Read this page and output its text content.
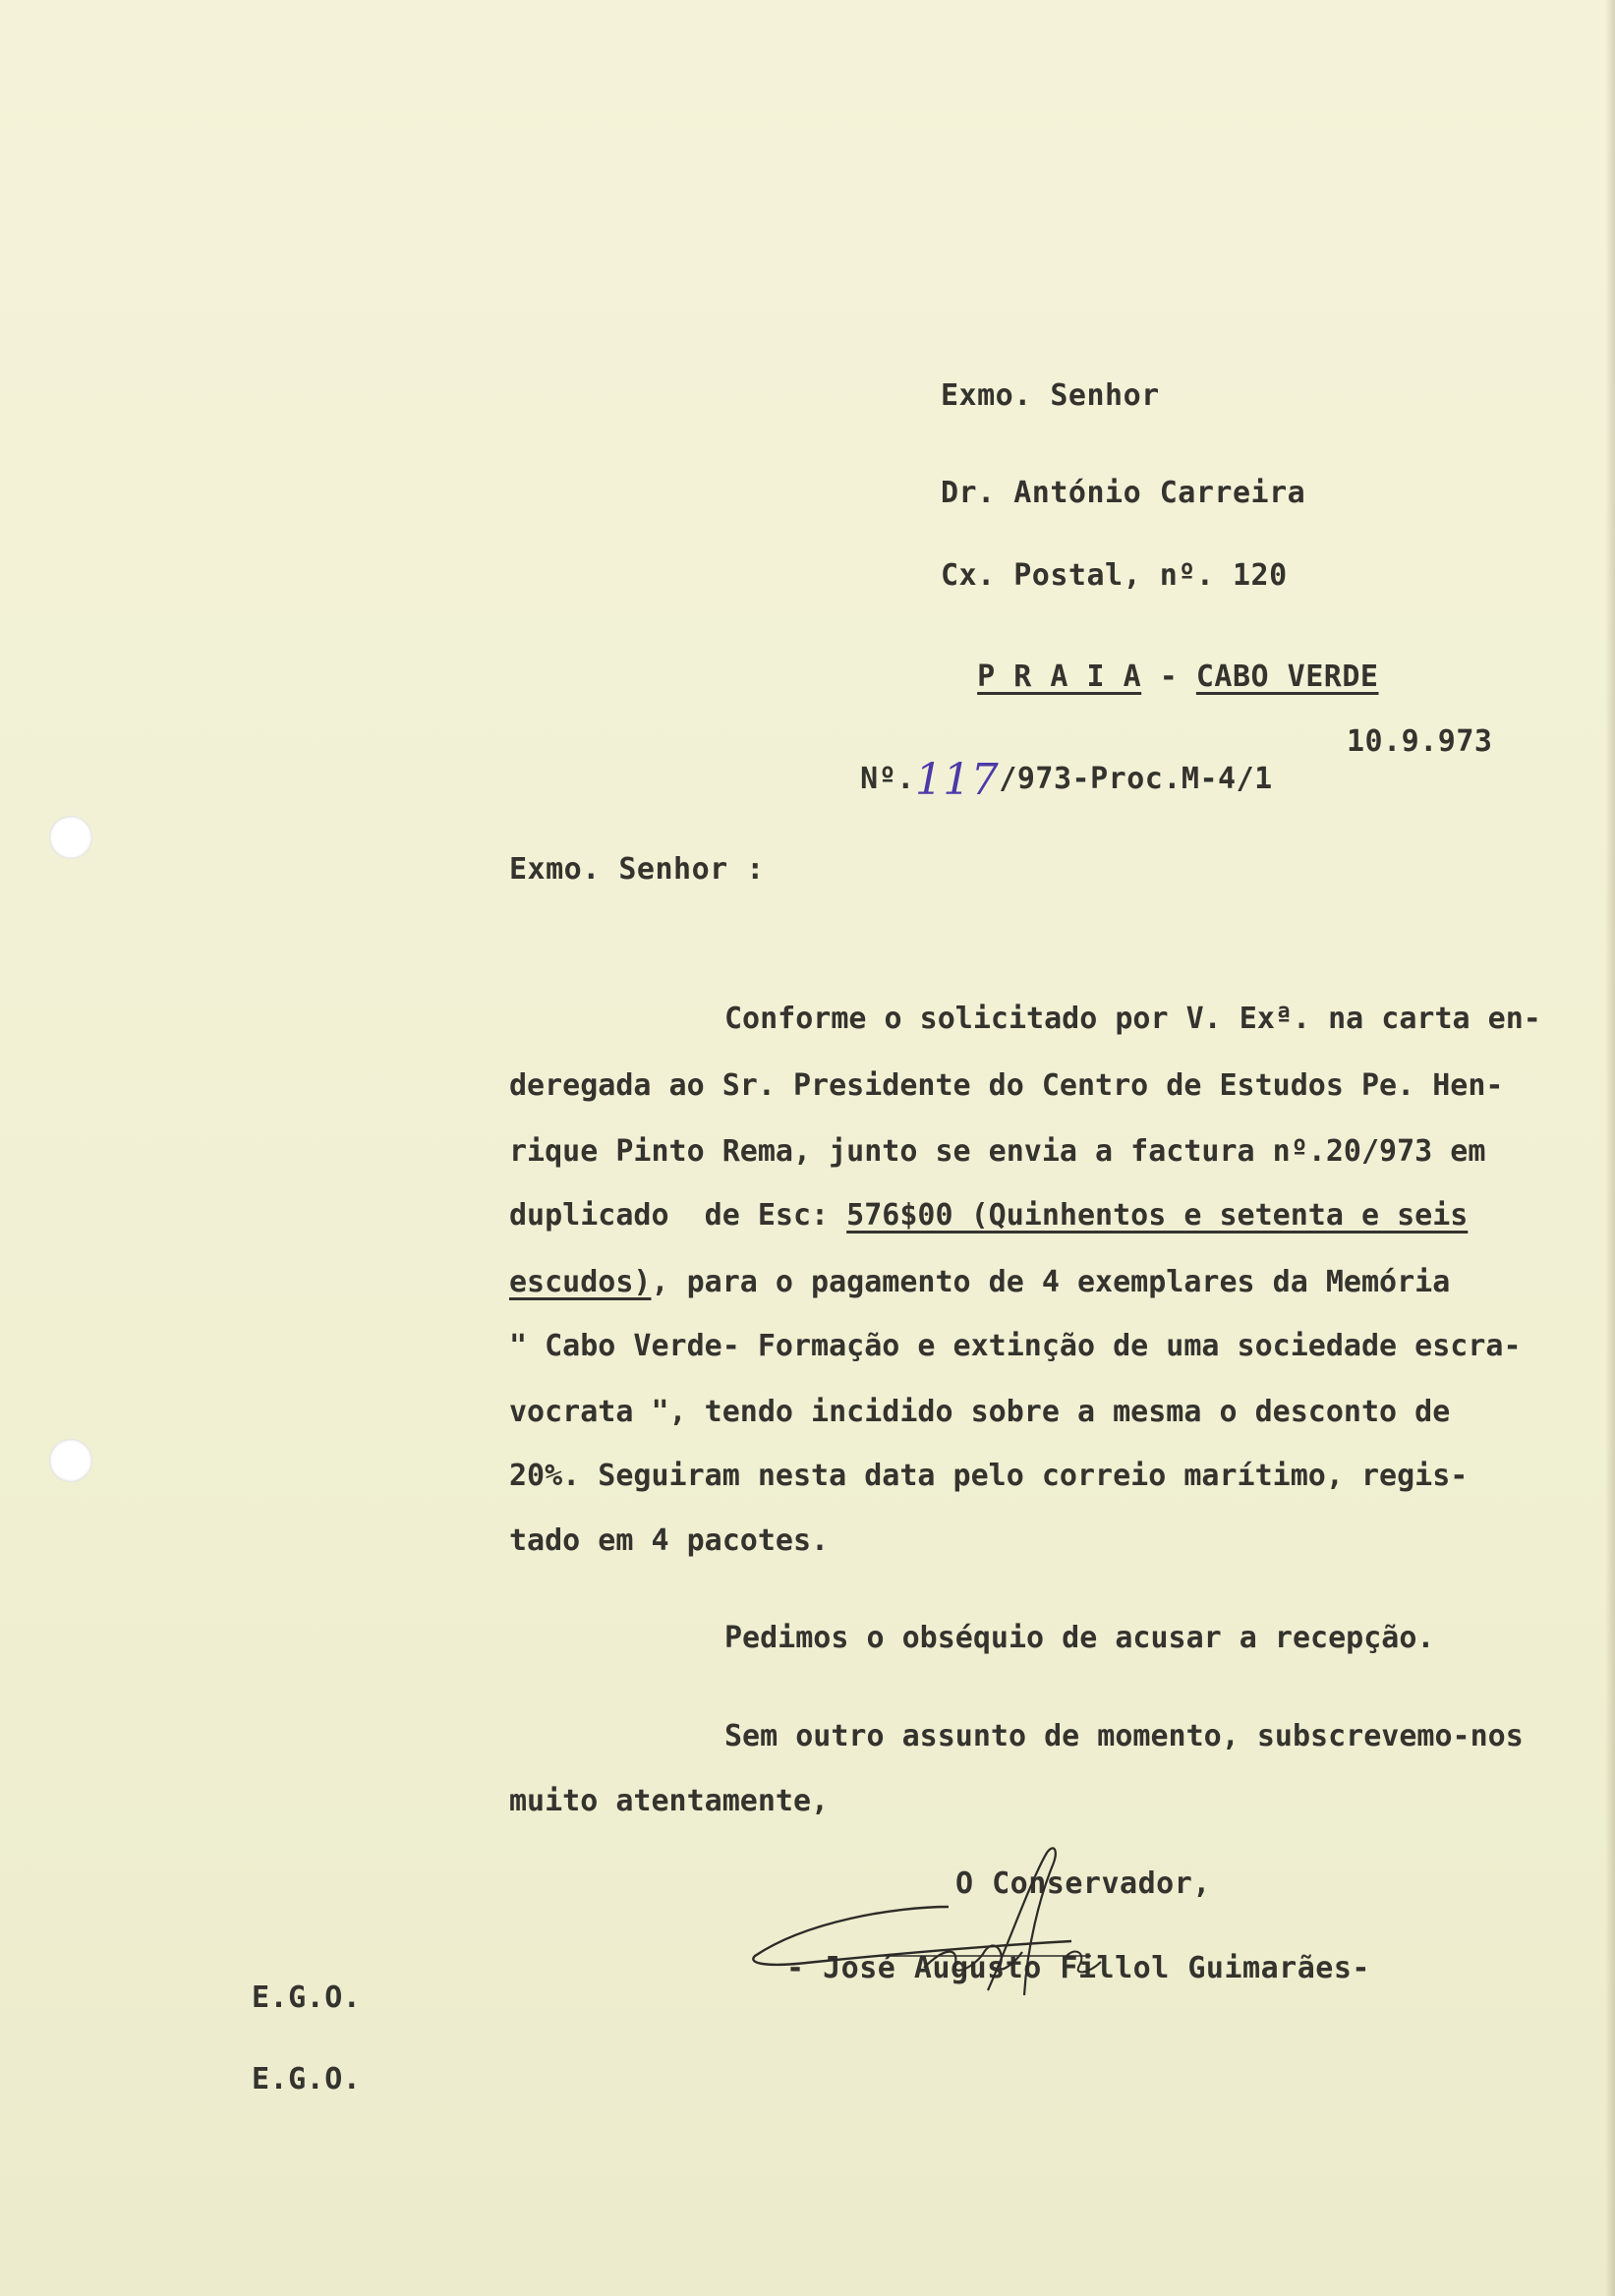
Exmo. Senhor
Dr. António Carreira
Cx. Postal, nº. 120

P R A I A - CABO VERDE

Nº.117/973-Proc.M-4/1

10.9.973
Exmo. Senhor :
Conforme o solicitado por V. Exª. na carta en-
deregada ao Sr. Presidente do Centro de Estudos Pe. Hen-
rique Pinto Rema, junto se envia a factura nº.20/973 em
duplicado  de Esc: 576$00 (Quinhentos e setenta e seis
escudos), para o pagamento de 4 exemplares da Memória
" Cabo Verde- Formação e extinção de uma sociedade escra-
vocrata ", tendo incidido sobre a mesma o desconto de
20%. Seguiram nesta data pelo correio marítimo, regis-
tado em 4 pacotes.
Pedimos o obséquio de acusar a recepção.
Sem outro assunto de momento, subscrevemo-nos
muito atentamente,
O Conservador,
- José Augusto Fillol Guimarães-
E.G.O.
E.G.O.
